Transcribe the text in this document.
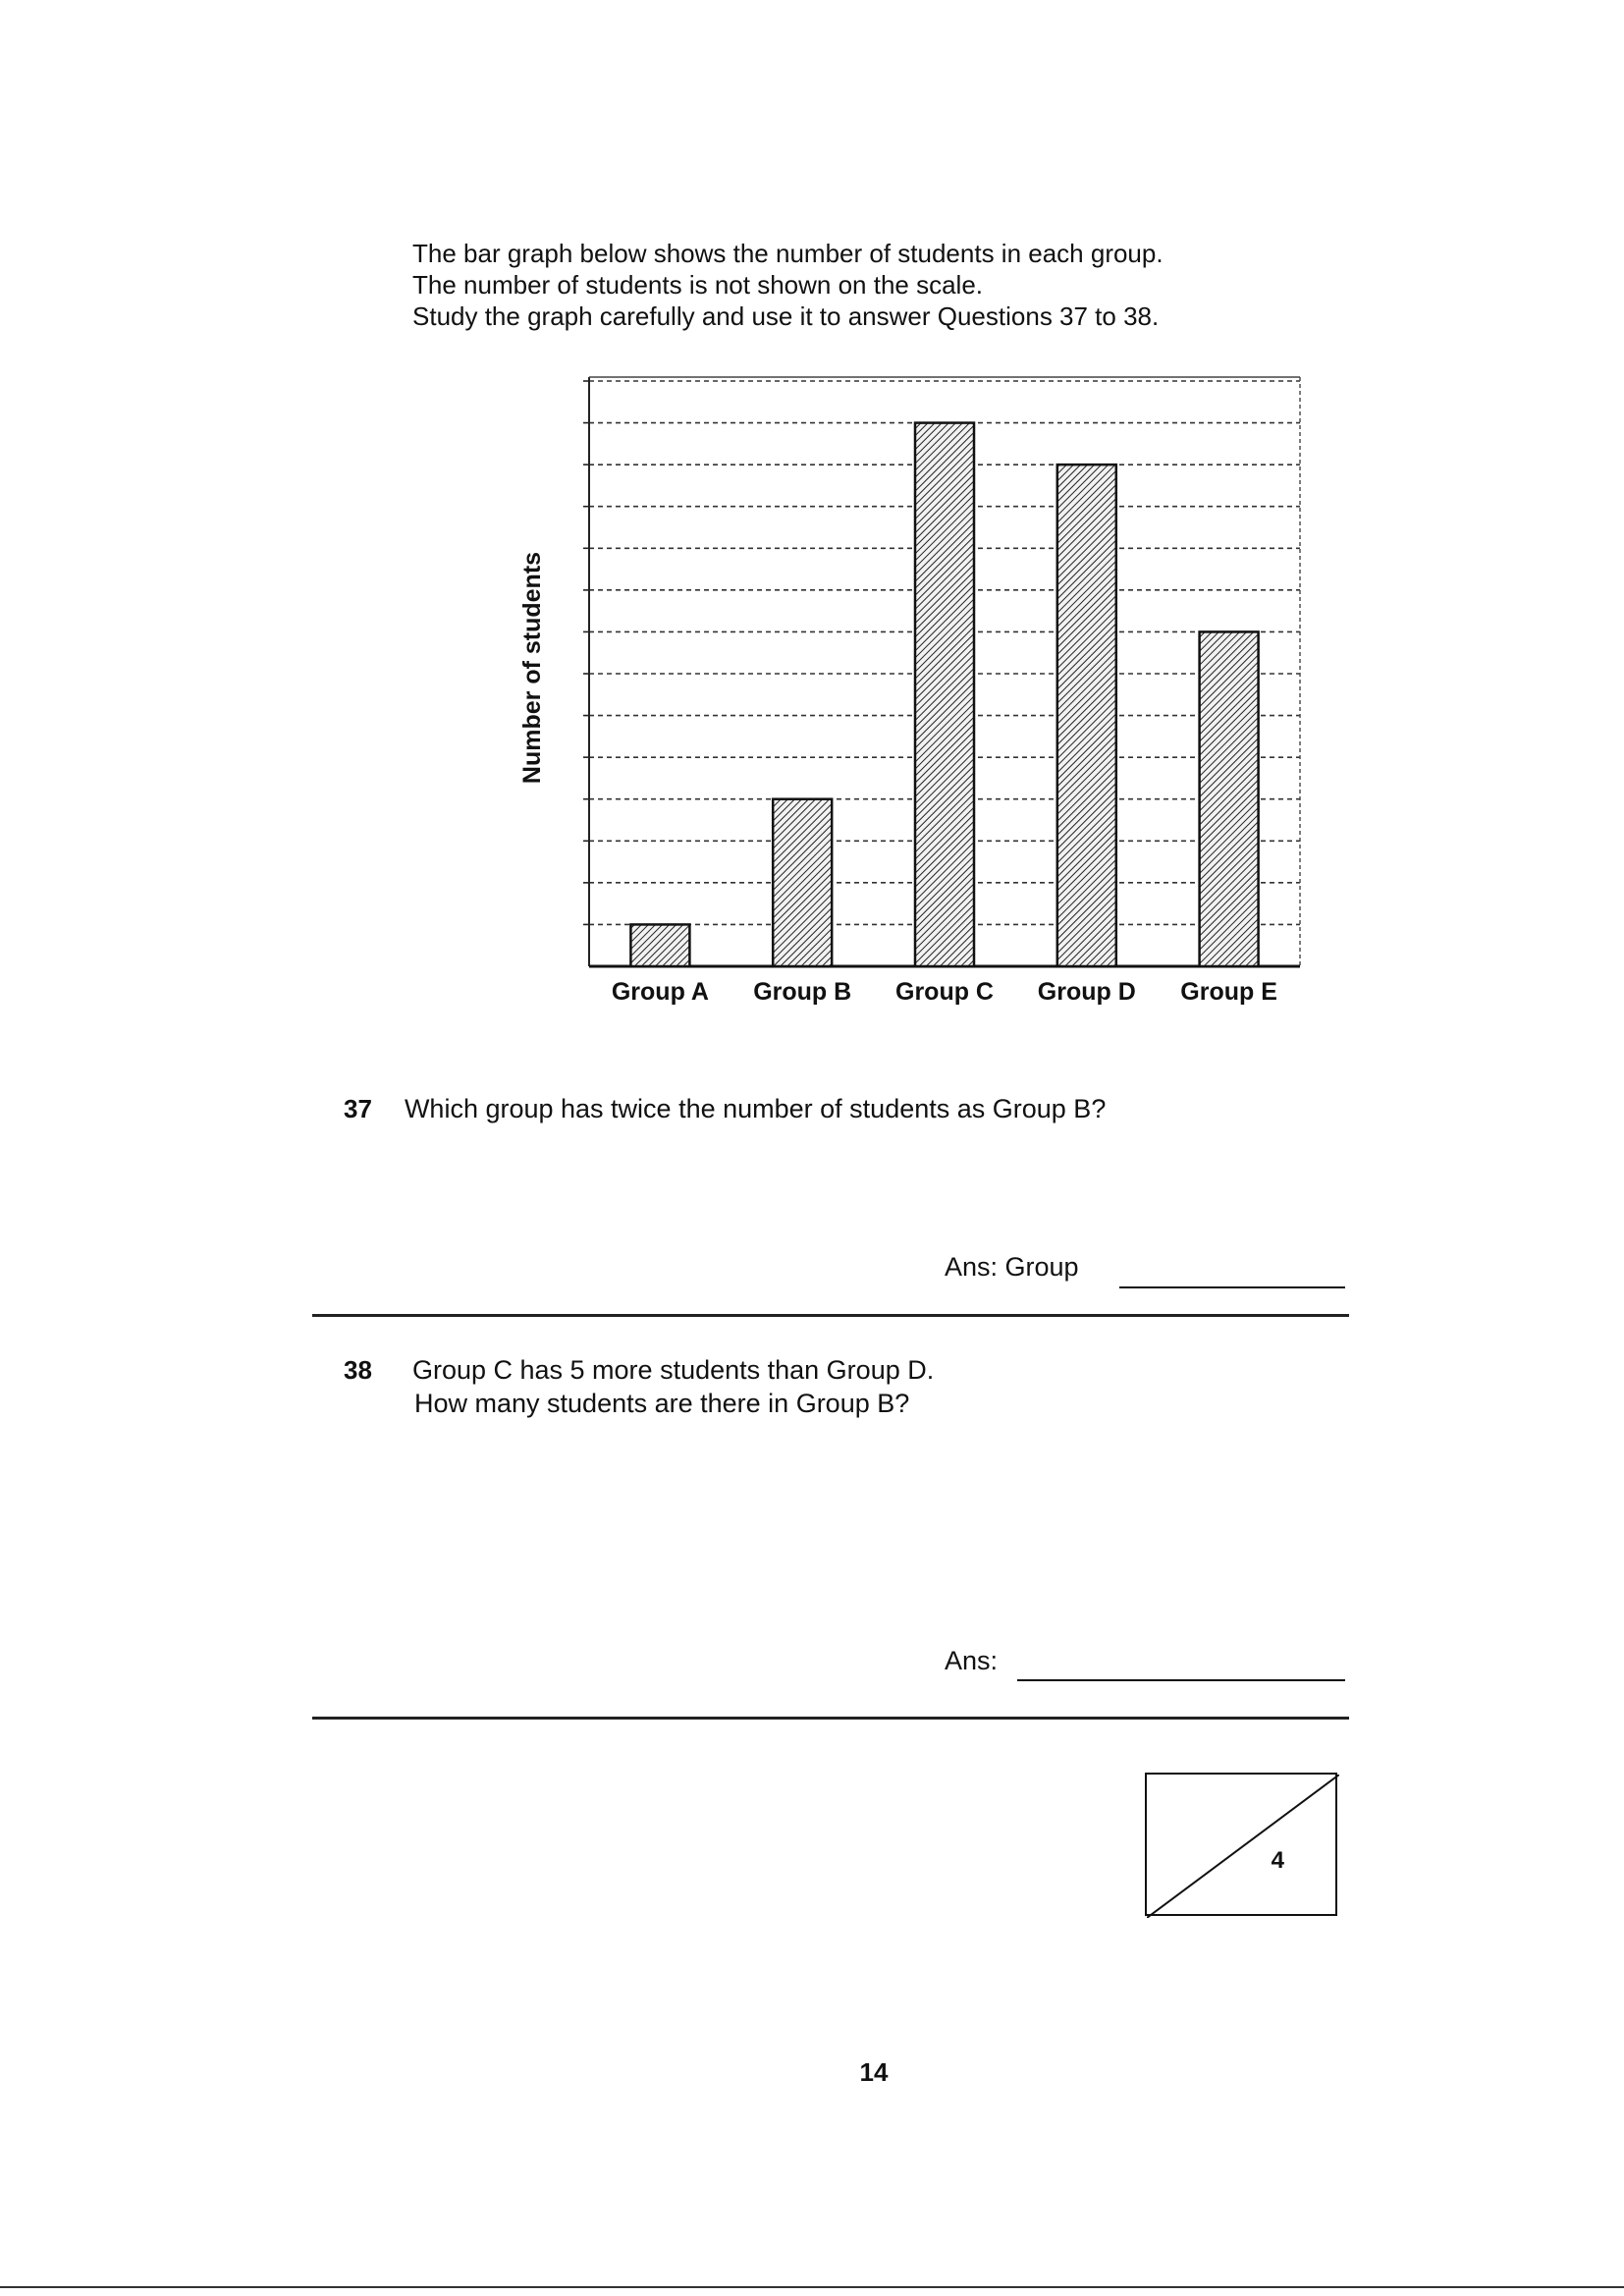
The bar graph below shows the number of students in each group.
The number of students is not shown on the scale.
Study the graph carefully and use it to answer Questions 37 to 38.
Group A Group B Group C Group D Group E
Number of students
37 Which group has twice the number of students as Group B?
Ans: Group
38 Group C has 5 more students than Group D.
How many students are there in Group B?
Ans:
4
14
